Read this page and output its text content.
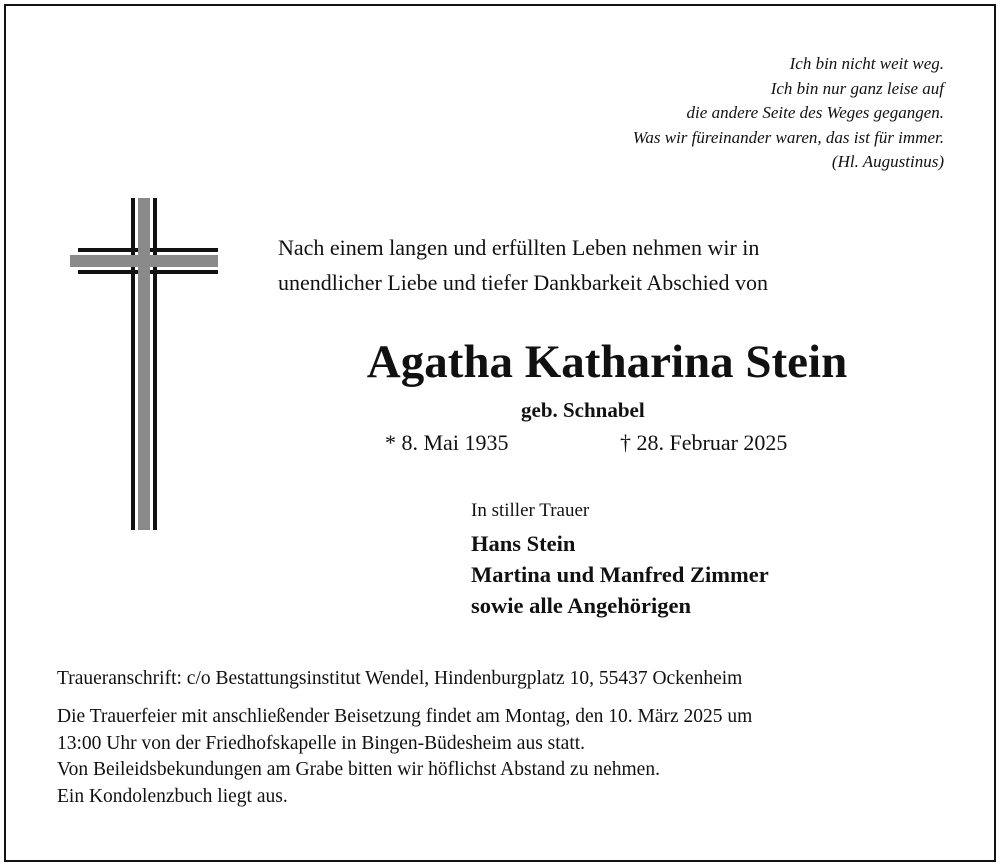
Ich bin nicht weit weg.
Ich bin nur ganz leise auf
die andere Seite des Weges gegangen.
Was wir füreinander waren, das ist für immer.
(Hl. Augustinus)
Nach einem langen und erfüllten Leben nehmen wir in
unendlicher Liebe und tiefer Dankbarkeit Abschied von
Agatha Katharina Stein
geb. Schnabel
* 8. Mai 1935	† 28. Februar 2025
In stiller Trauer
Hans Stein
Martina und Manfred Zimmer
sowie alle Angehörigen
Traueranschrift: c/o Bestattungsinstitut Wendel, Hindenburgplatz 10, 55437 Ockenheim
Die Trauerfeier mit anschließender Beisetzung findet am Montag, den 10. März 2025 um
13:00 Uhr von der Friedhofskapelle in Bingen-Büdesheim aus statt.
Von Beileidsbekundungen am Grabe bitten wir höflichst Abstand zu nehmen.
Ein Kondolenzbuch liegt aus.
